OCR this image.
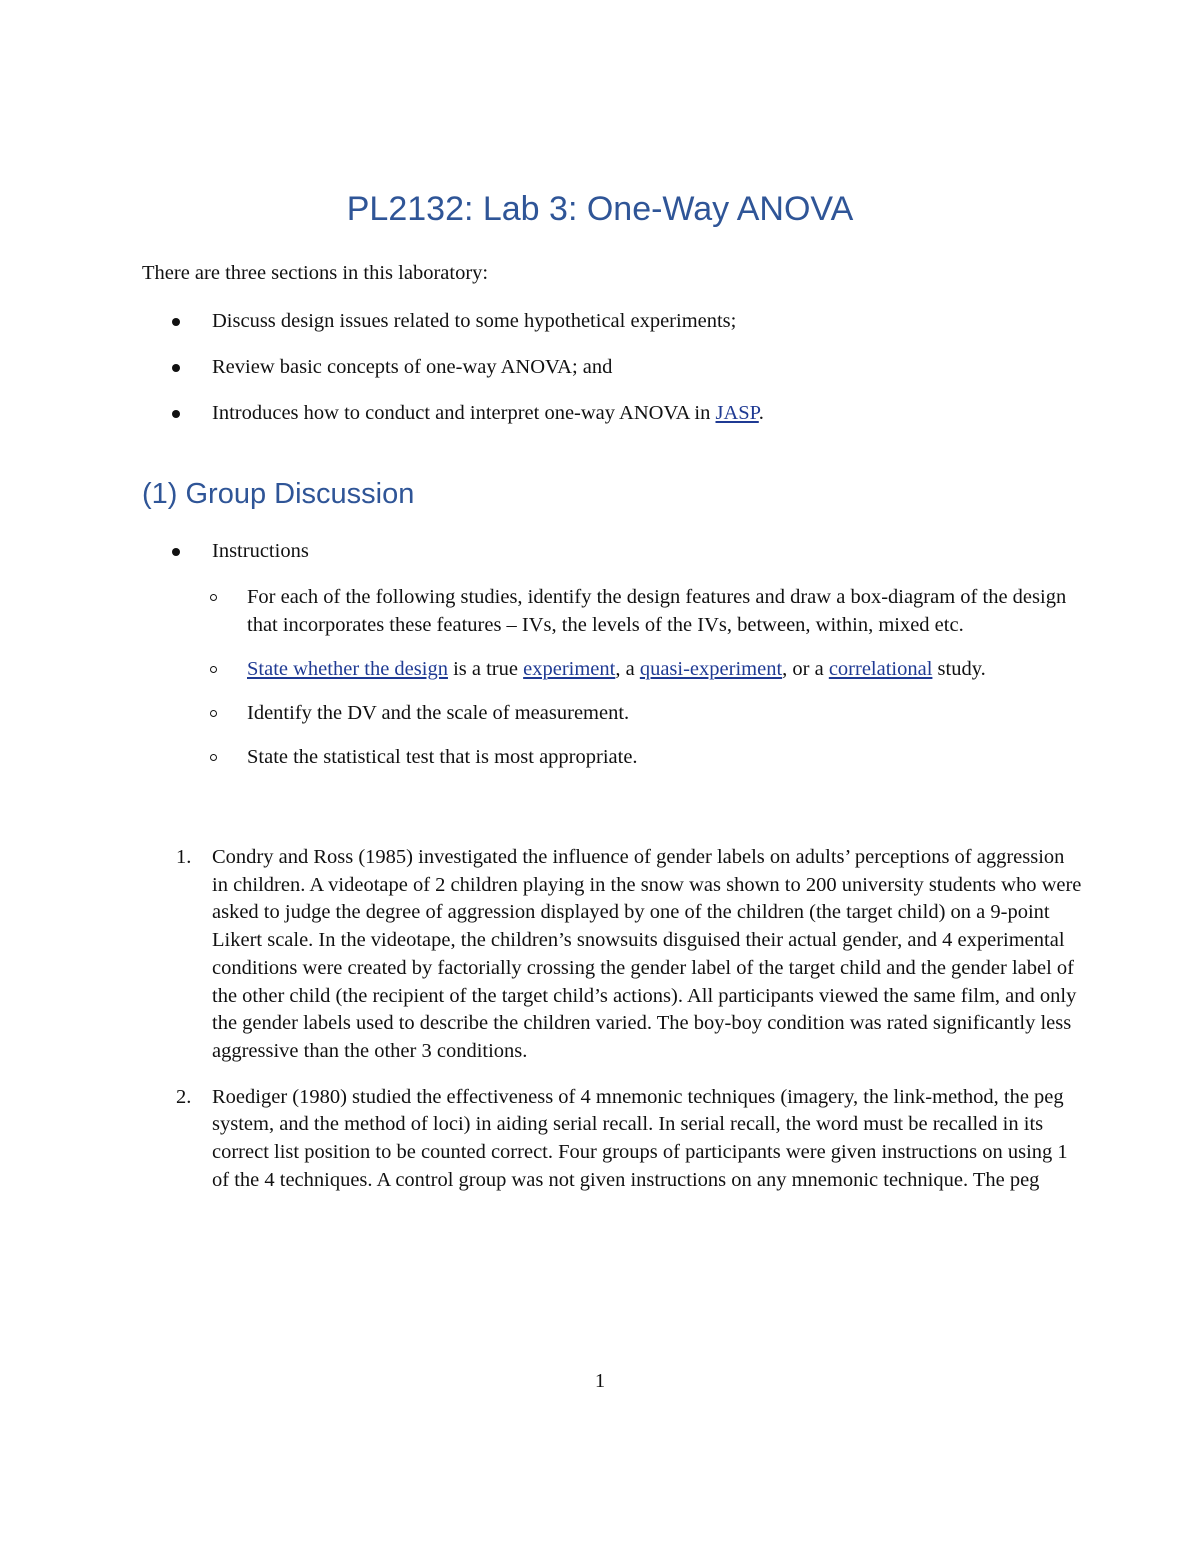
PL2132: Lab 3: One-Way ANOVA

There are three sections in this laboratory:

Discuss design issues related to some hypothetical experiments;
Review basic concepts of one-way ANOVA; and
Introduces how to conduct and interpret one-way ANOVA in JASP.
(1) Group Discussion
Instructions
For each of the following studies, identify the design features and draw a box-diagram of the design that incorporates these features – IVs, the levels of the IVs, between, within, mixed etc.
State whether the design is a true experiment, a quasi-experiment, or a correlational study.
Identify the DV and the scale of measurement.
State the statistical test that is most appropriate.
1. Condry and Ross (1985) investigated the influence of gender labels on adults’ perceptions of aggression in children. A videotape of 2 children playing in the snow was shown to 200 university students who were asked to judge the degree of aggression displayed by one of the children (the target child) on a 9-point Likert scale. In the videotape, the children’s snowsuits disguised their actual gender, and 4 experimental conditions were created by factorially crossing the gender label of the target child and the gender label of the other child (the recipient of the target child’s actions). All participants viewed the same film, and only the gender labels used to describe the children varied. The boy-boy condition was rated significantly less aggressive than the other 3 conditions.
2. Roediger (1980) studied the effectiveness of 4 mnemonic techniques (imagery, the link-method, the peg system, and the method of loci) in aiding serial recall. In serial recall, the word must be recalled in its correct list position to be counted correct. Four groups of participants were given instructions on using 1 of the 4 techniques. A control group was not given instructions on any mnemonic technique. The peg
1
